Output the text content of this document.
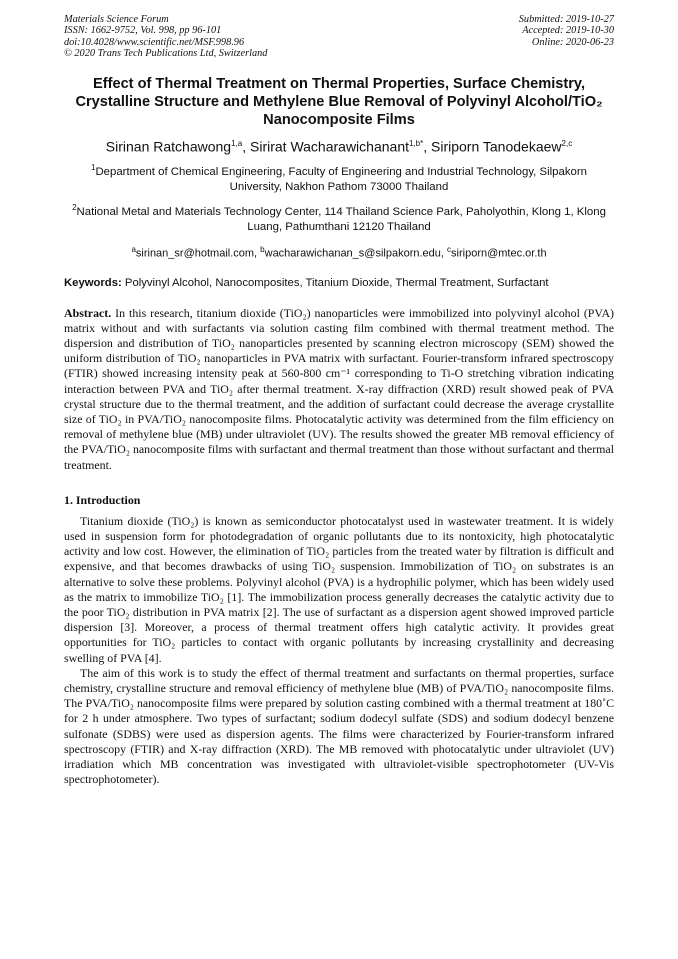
Materials Science Forum

ISSN: 1662-9752, Vol. 998, pp 96-101

doi:10.4028/www.scientific.net/MSF.998.96

© 2020 Trans Tech Publications Ltd, Switzerland

Submitted: 2019-10-27

Accepted: 2019-10-30

Online: 2020-06-23

Effect of Thermal Treatment on Thermal Properties, Surface Chemistry, Crystalline Structure and Methylene Blue Removal of Polyvinyl Alcohol/TiO₂ Nanocomposite Films
Sirinan Ratchawong$^{1,a}$, Sirirat Wacharawichanant$^{1,b*}$, Siriporn Tanodekaew$^{2,c}$
$^1$Department of Chemical Engineering, Faculty of Engineering and Industrial Technology, Silpakorn University, Nakhon Pathom 73000 Thailand
$^2$National Metal and Materials Technology Center, 114 Thailand Science Park, Paholyothin, Klong 1, Klong Luang, Pathumthani 12120 Thailand
$^a$sirinan_sr@hotmail.com, $^b$wacharawichanan_s@silpakorn.edu, $^c$siriporn@mtec.or.th
Keywords: Polyvinyl Alcohol, Nanocomposites, Titanium Dioxide, Thermal Treatment, Surfactant
Abstract. In this research, titanium dioxide (TiO₂) nanoparticles were immobilized into polyvinyl alcohol (PVA) matrix without and with surfactants via solution casting film combined with thermal treatment method. The dispersion and distribution of TiO₂ nanoparticles presented by scanning electron microscopy (SEM) showed the uniform distribution of TiO₂ nanoparticles in PVA matrix with surfactant. Fourier-transform infrared spectroscopy (FTIR) showed increasing intensity peak at 560-800 cm⁻¹ corresponding to Ti-O stretching vibration indicating interaction between PVA and TiO₂ after thermal treatment. X-ray diffraction (XRD) result showed peak of PVA crystal structure due to the thermal treatment, and the addition of surfactant could decrease the average crystallite size of TiO₂ in PVA/TiO₂ nanocomposite films. Photocatalytic activity was determined from the film efficiency on removal of methylene blue (MB) under ultraviolet (UV). The results showed the greater MB removal efficiency of the PVA/TiO₂ nanocomposite films with surfactant and thermal treatment than those without surfactant and thermal treatment.
1. Introduction

Titanium dioxide (TiO₂) is known as semiconductor photocatalyst used in wastewater treatment. It is widely used in suspension form for photodegradation of organic pollutants due to its nontoxicity, high photocatalytic activity and low cost. However, the elimination of TiO₂ particles from the treated water by filtration is difficult and expensive, and that becomes drawbacks of using TiO₂ suspension. Immobilization of TiO₂ on substrates is an alternative to solve these problems. Polyvinyl alcohol (PVA) is a hydrophilic polymer, which has been widely used as the matrix to immobilize TiO₂ [1]. The immobilization process generally decreases the catalytic activity due to the poor TiO₂ distribution in PVA matrix [2]. The use of surfactant as a dispersion agent showed improved particle dispersion [3]. Moreover, a process of thermal treatment offers high catalytic activity. It provides great opportunities for TiO₂ particles to contact with organic pollutants by increasing crystallinity and decreasing swelling of PVA [4].

The aim of this work is to study the effect of thermal treatment and surfactants on thermal properties, surface chemistry, crystalline structure and removal efficiency of methylene blue (MB) of PVA/TiO₂ nanocomposite films. The PVA/TiO₂ nanocomposite films were prepared by solution casting combined with a thermal treatment at 180˚C for 2 h under atmosphere. Two types of surfactant; sodium dodecyl sulfate (SDS) and sodium dodecyl benzene sulfonate (SDBS) were used as dispersion agents. The films were characterized by Fourier-transform infrared spectroscopy (FTIR) and X-ray diffraction (XRD). The MB removed with photocatalytic under ultraviolet (UV) irradiation which MB concentration was investigated with ultraviolet-visible spectrophotometer (UV-Vis spectrophotometer).
